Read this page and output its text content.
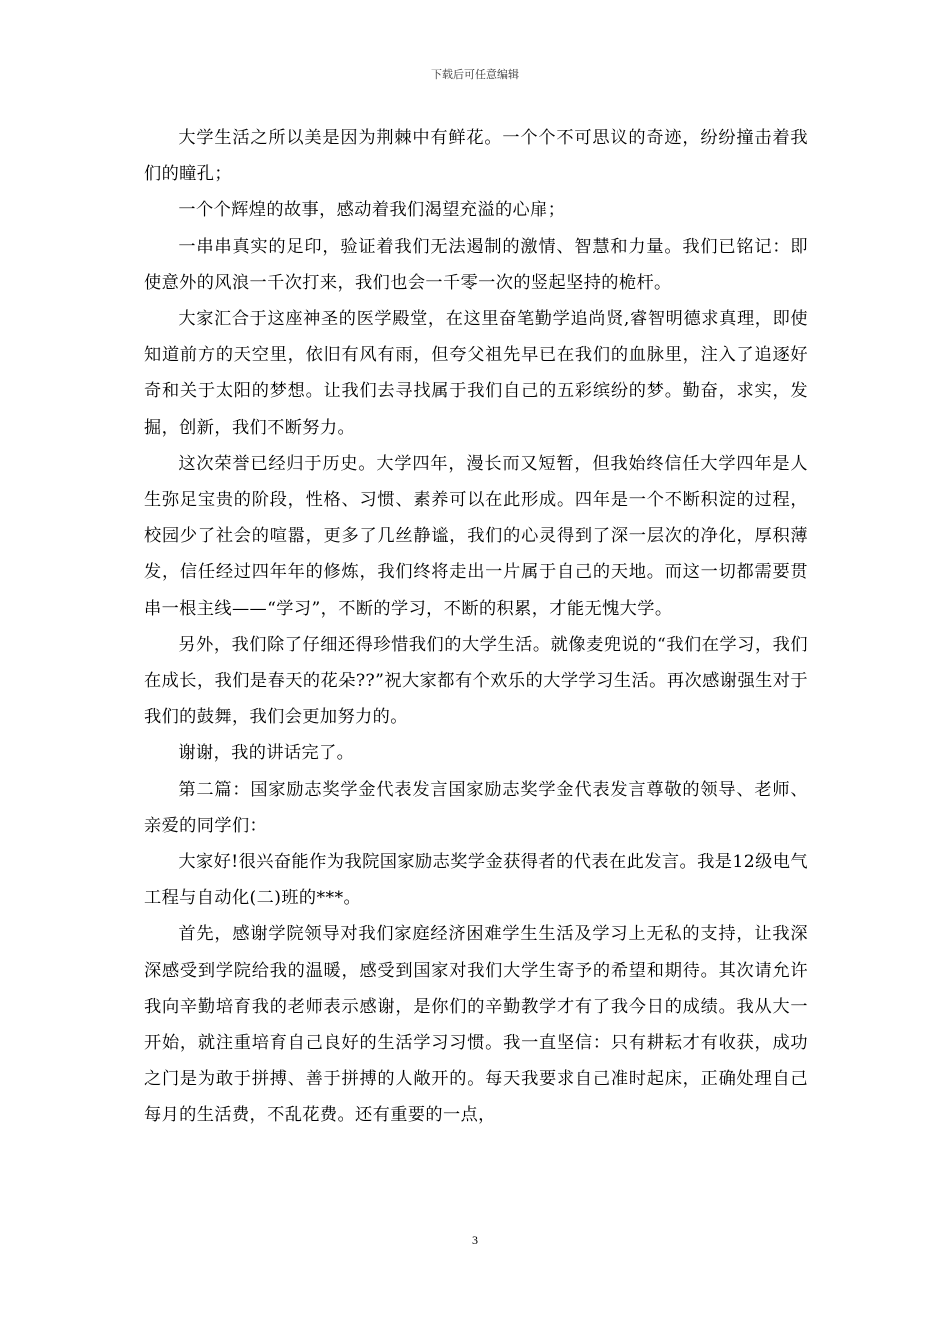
下载后可任意编辑

大学生活之所以美是因为荆棘中有鲜花。一个个不可思议的奇迹，纷纷撞击着我们的瞳孔；

一个个辉煌的故事，感动着我们渴望充溢的心扉；

一串串真实的足印，验证着我们无法遏制的激情、智慧和力量。我们已铭记：即使意外的风浪一千次打来，我们也会一千零一次的竖起坚持的桅杆。

大家汇合于这座神圣的医学殿堂，在这里奋笔勤学追尚贤,睿智明德求真理，即使知道前方的天空里，依旧有风有雨，但夸父祖先早已在我们的血脉里，注入了追逐好奇和关于太阳的梦想。让我们去寻找属于我们自己的五彩缤纷的梦。勤奋，求实，发掘，创新，我们不断努力。

这次荣誉已经归于历史。大学四年，漫长而又短暂，但我始终信任大学四年是人生弥足宝贵的阶段，性格、习惯、素养可以在此形成。四年是一个不断积淀的过程，校园少了社会的喧嚣，更多了几丝静谧，我们的心灵得到了深一层次的净化，厚积薄发，信任经过四年年的修炼，我们终将走出一片属于自己的天地。而这一切都需要贯串一根主线——“学习”，不断的学习，不断的积累，才能无愧大学。

另外，我们除了仔细还得珍惜我们的大学生活。就像麦兜说的“我们在学习，我们在成长，我们是春天的花朵??”祝大家都有个欢乐的大学学习生活。再次感谢强生对于我们的鼓舞，我们会更加努力的。

谢谢，我的讲话完了。

第二篇：国家励志奖学金代表发言国家励志奖学金代表发言尊敬的领导、老师、亲爱的同学们：

大家好!很兴奋能作为我院国家励志奖学金获得者的代表在此发言。我是12级电气工程与自动化(二)班的***。

首先，感谢学院领导对我们家庭经济困难学生生活及学习上无私的支持，让我深深感受到学院给我的温暖，感受到国家对我们大学生寄予的希望和期待。其次请允许我向辛勤培育我的老师表示感谢，是你们的辛勤教学才有了我今日的成绩。我从大一开始，就注重培育自己良好的生活学习习惯。我一直坚信：只有耕耘才有收获，成功之门是为敢于拼搏、善于拼搏的人敞开的。每天我要求自己准时起床，正确处理自己每月的生活费，不乱花费。还有重要的一点，

3
